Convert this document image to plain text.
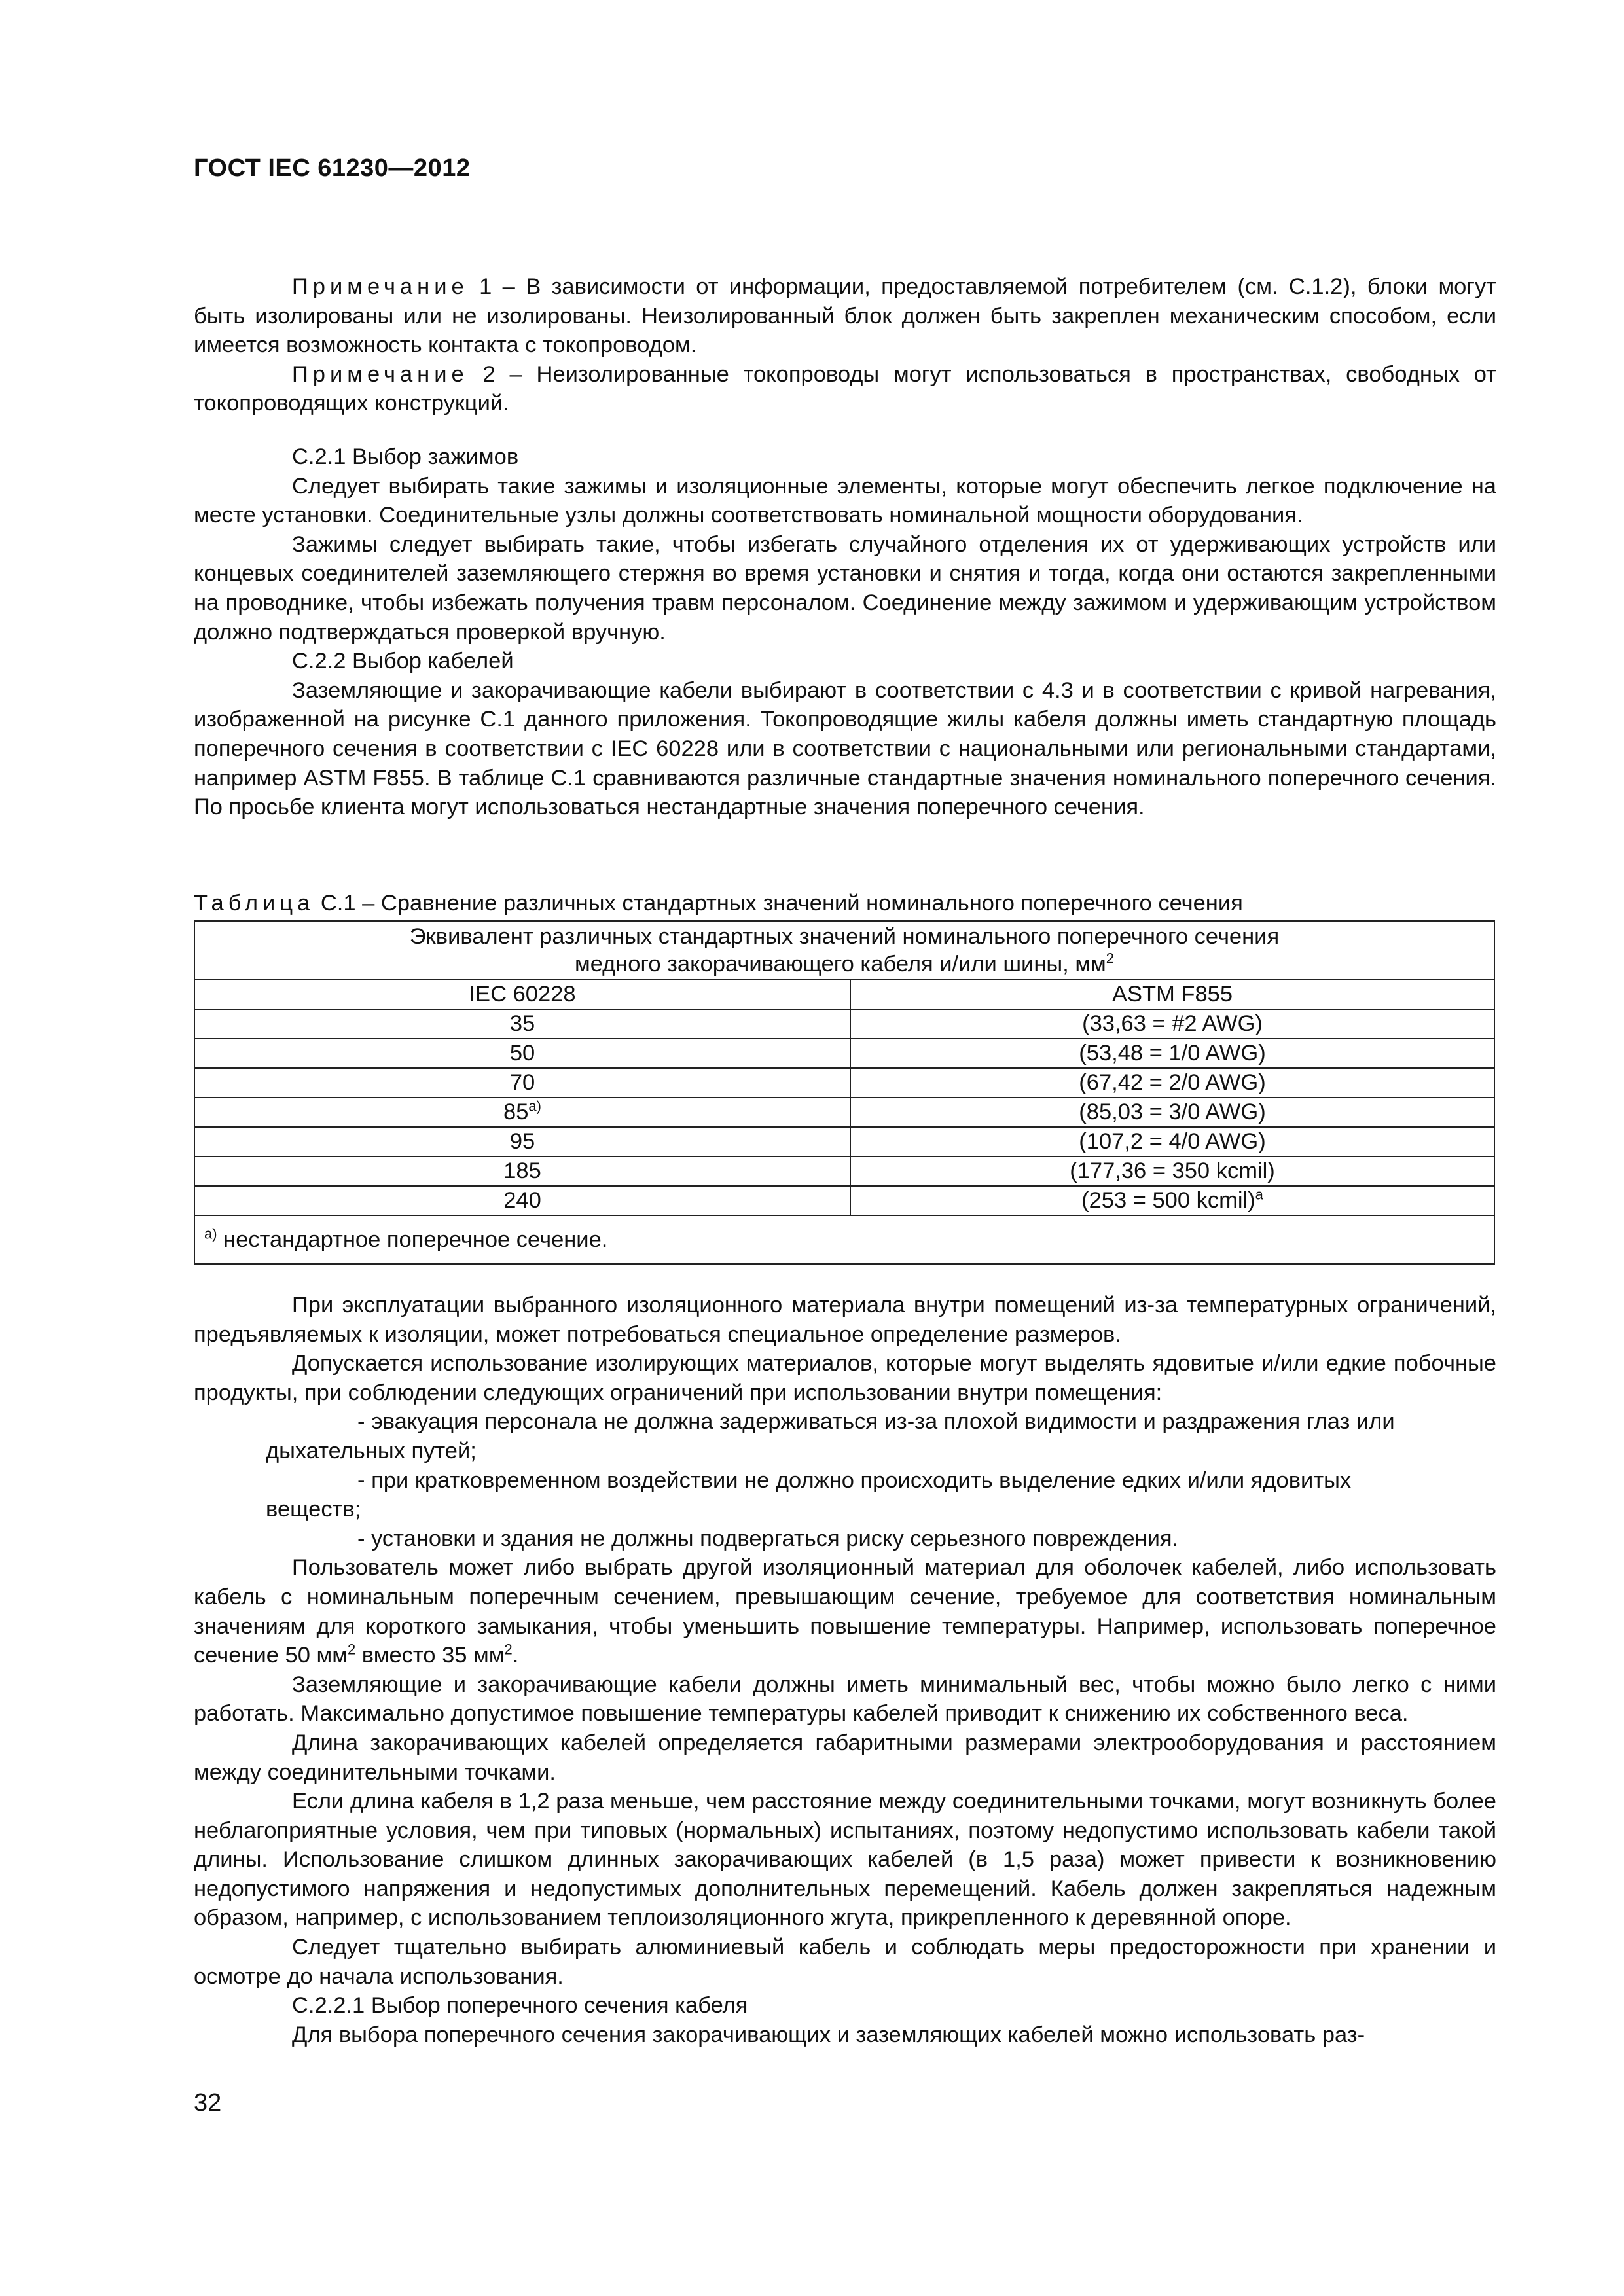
ГОСТ IEC 61230—2012

Примечание 1 – В зависимости от информации, предоставляемой потребителем (см. С.1.2), блоки могут быть изолированы или не изолированы. Неизолированный блок должен быть закреплен механическим способом, если имеется возможность контакта с токопроводом.

Примечание 2 – Неизолированные токопроводы могут использоваться в пространствах, свободных от токопроводящих конструкций.

С.2.1 Выбор зажимов

Следует выбирать такие зажимы и изоляционные элементы, которые могут обеспечить легкое подключение на месте установки. Соединительные узлы должны соответствовать номинальной мощности оборудования.

Зажимы следует выбирать такие, чтобы избегать случайного отделения их от удерживающих устройств или концевых соединителей заземляющего стержня во время установки и снятия и тогда, когда они остаются закрепленными на проводнике, чтобы избежать получения травм персоналом. Соединение между зажимом и удерживающим устройством должно подтверждаться проверкой вручную.

С.2.2 Выбор кабелей

Заземляющие и закорачивающие кабели выбирают в соответствии с 4.3 и в соответствии с кривой нагревания, изображенной на рисунке С.1 данного приложения. Токопроводящие жилы кабеля должны иметь стандартную площадь поперечного сечения в соответствии с IEC 60228 или в соответствии с национальными или региональными стандартами, например ASTM F855. В таблице С.1 сравниваются различные стандартные значения номинального поперечного сечения. По просьбе клиента могут использоваться нестандартные значения поперечного сечения.

Таблица С.1 – Сравнение различных стандартных значений номинального поперечного сечения
Эквивалент различных стандартных значений номинального поперечного сечения
медного закорачивающего кабеля и/или шины, $мм^2$

IEC 60228	ASTM F855
35	(33,63 = #2 AWG)
50	(53,48 = 1/0 AWG)
70	(67,42 = 2/0 AWG)
$85^{а)}$	(85,03 = 3/0 AWG)
95	(107,2 = 4/0 AWG)
185	(177,36 = 350 kcmil)
240	(253 = 500 kcmil)$^а$
$^{а)}$ нестандартное поперечное сечение.	

При эксплуатации выбранного изоляционного материала внутри помещений из-за температурных ограничений, предъявляемых к изоляции, может потребоваться специальное определение размеров.

Допускается использование изолирующих материалов, которые могут выделять ядовитые и/или едкие побочные продукты, при соблюдении следующих ограничений при использовании внутри помещения:

- эвакуация персонала не должна задерживаться из-за плохой видимости и раздражения глаз или

дыхательных путей;

- при кратковременном воздействии не должно происходить выделение едких и/или ядовитых

веществ;

- установки и здания не должны подвергаться риску серьезного повреждения.

Пользователь может либо выбрать другой изоляционный материал для оболочек кабелей, либо использовать кабель с номинальным поперечным сечением, превышающим сечение, требуемое для соответствия номинальным значениям для короткого замыкания, чтобы уменьшить повышение температуры. Например, использовать поперечное сечение 50 $мм^2$ вместо 35 $мм^2$.

Заземляющие и закорачивающие кабели должны иметь минимальный вес, чтобы можно было легко с ними работать. Максимально допустимое повышение температуры кабелей приводит к снижению их собственного веса.

Длина закорачивающих кабелей определяется габаритными размерами электрооборудования и расстоянием между соединительными точками.

Если длина кабеля в 1,2 раза меньше, чем расстояние между соединительными точками, могут возникнуть более неблагоприятные условия, чем при типовых (нормальных) испытаниях, поэтому недопустимо использовать кабели такой длины. Использование слишком длинных закорачивающих кабелей (в 1,5 раза) может привести к возникновению недопустимого напряжения и недопустимых дополнительных перемещений. Кабель должен закрепляться надежным образом, например, с использованием теплоизоляционного жгута, прикрепленного к деревянной опоре.

Следует тщательно выбирать алюминиевый кабель и соблюдать меры предосторожности при хранении и осмотре до начала использования.

С.2.2.1 Выбор поперечного сечения кабеля

Для выбора поперечного сечения закорачивающих и заземляющих кабелей можно использовать раз-

32
